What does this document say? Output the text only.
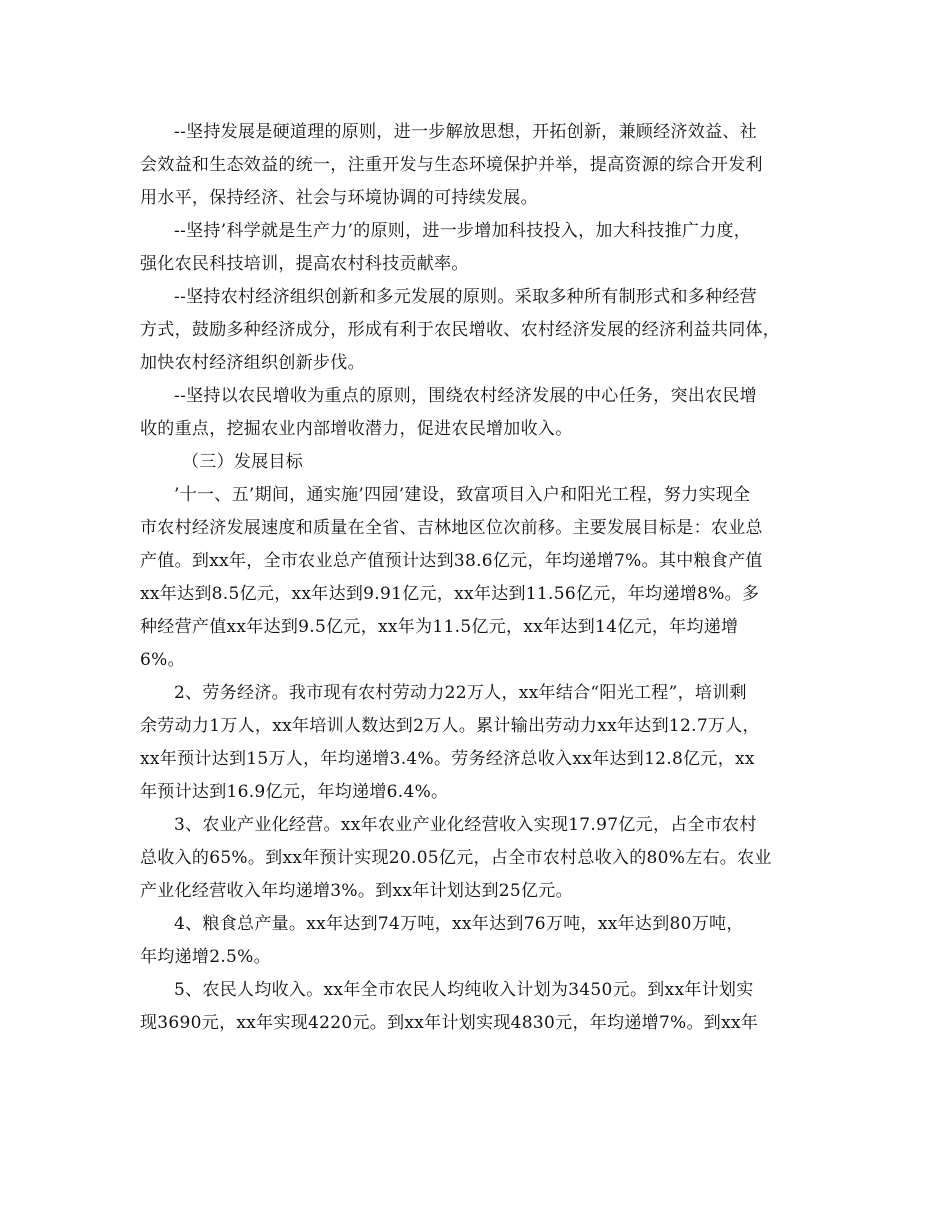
--坚持发展是硬道理的原则，进一步解放思想，开拓创新，兼顾经济效益、社
会效益和生态效益的统一，注重开发与生态环境保护并举，提高资源的综合开发利
用水平，保持经济、社会与环境协调的可持续发展。
--坚持’科学就是生产力’的原则，进一步增加科技投入，加大科技推广力度，
强化农民科技培训，提高农村科技贡献率。
--坚持农村经济组织创新和多元发展的原则。采取多种所有制形式和多种经营
方式，鼓励多种经济成分，形成有利于农民增收、农村经济发展的经济利益共同体，
加快农村经济组织创新步伐。
--坚持以农民增收为重点的原则，围绕农村经济发展的中心任务，突出农民增
收的重点，挖掘农业内部增收潜力，促进农民增加收入。
（三）发展目标
’十一、五’期间，通实施’四园’建设，致富项目入户和阳光工程，努力实现全
市农村经济发展速度和质量在全省、吉林地区位次前移。主要发展目标是：农业总
产值。到xx年，全市农业总产值预计达到38.6亿元，年均递增7%。其中粮食产值
xx年达到8.5亿元，xx年达到9.91亿元，xx年达到11.56亿元，年均递增8%。多
种经营产值xx年达到9.5亿元，xx年为11.5亿元，xx年达到14亿元，年均递增
6%。
2、劳务经济。我市现有农村劳动力22万人，xx年结合“阳光工程”，培训剩
余劳动力1万人，xx年培训人数达到2万人。累计输出劳动力xx年达到12.7万人，
xx年预计达到15万人，年均递增3.4%。劳务经济总收入xx年达到12.8亿元，xx
年预计达到16.9亿元，年均递增6.4%。
3、农业产业化经营。xx年农业产业化经营收入实现17.97亿元，占全市农村
总收入的65%。到xx年预计实现20.05亿元，占全市农村总收入的80%左右。农业
产业化经营收入年均递增3%。到xx年计划达到25亿元。
4、粮食总产量。xx年达到74万吨，xx年达到76万吨，xx年达到80万吨，
年均递增2.5%。
5、农民人均收入。xx年全市农民人均纯收入计划为3450元。到xx年计划实
现3690元，xx年实现4220元。到xx年计划实现4830元，年均递增7%。到xx年
